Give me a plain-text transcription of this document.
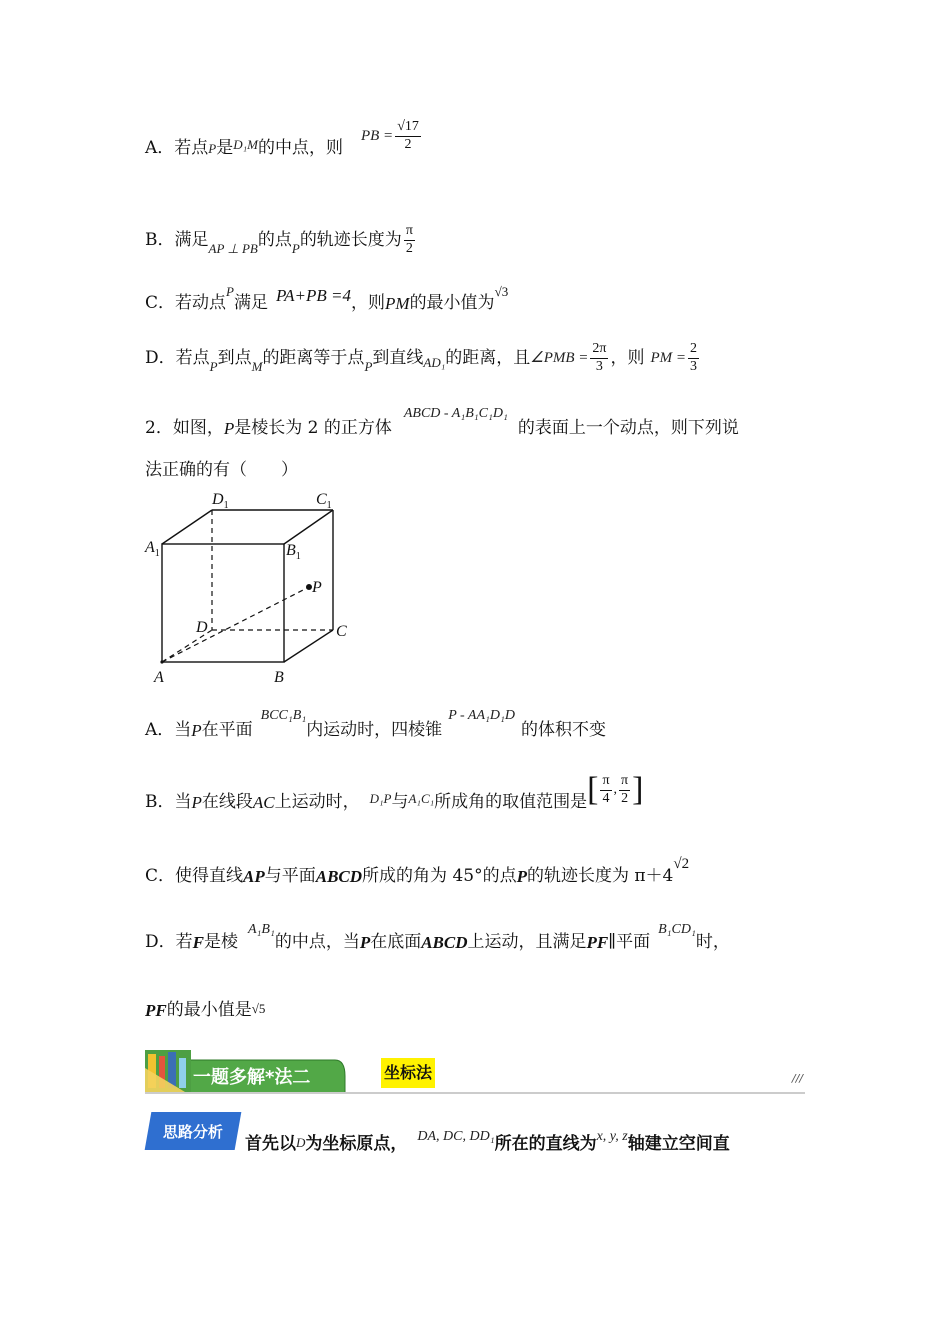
A．若点 P 是 D₁M 的中点，则
PB = $\frac{√17}{2}$
B．满足 AP ⊥ PB 的点 P 的轨迹长度为 $\frac{\pi}{2}$
C．若动点
P
满足 PA+PB =4 ，则 PM 的最小值为
√3
D．若点 P 到点 M 的距离等于点 P 到直线 AD₁ 的距离，且 ∠PMB = $\frac{2\pi}{3}$ ，则 PM = $\frac{2}{3}$
2．如图， P 是棱长为 2 的正方体
ABCD - A₁B₁C₁D₁
的表面上一个动点，则下列说
法正确的有（　　）
$D_1$	$C_1$
$A_1$	$B_1$
P
D	C
A	B
A．当 P 在平面
BCC₁B₁
内运动时，四棱锥
P - AA₁D₁D
的体积不变
B．当 P 在线段 AC 上运动时， D₁P 与 A₁C₁ 所成角的取值范围是 [ $\frac{\pi}{4}$ , $\frac{\pi}{2}$ ]
C．使得直线 AP 与平面 ABCD 所成的角为 45°的点 P 的轨迹长度为 π＋4
√2
D．若 F 是棱
A₁B₁
的中点，当 P 在底面 ABCD 上运动，且满足 PF ∥平面
B₁CD₁
时，
PF 的最小值是 √5
一题多解*法二	坐标法	///
思路分析
首先以 D 为坐标原点， DA, DC, DD₁ 所在的直线为 x, y, z 轴建立空间直
